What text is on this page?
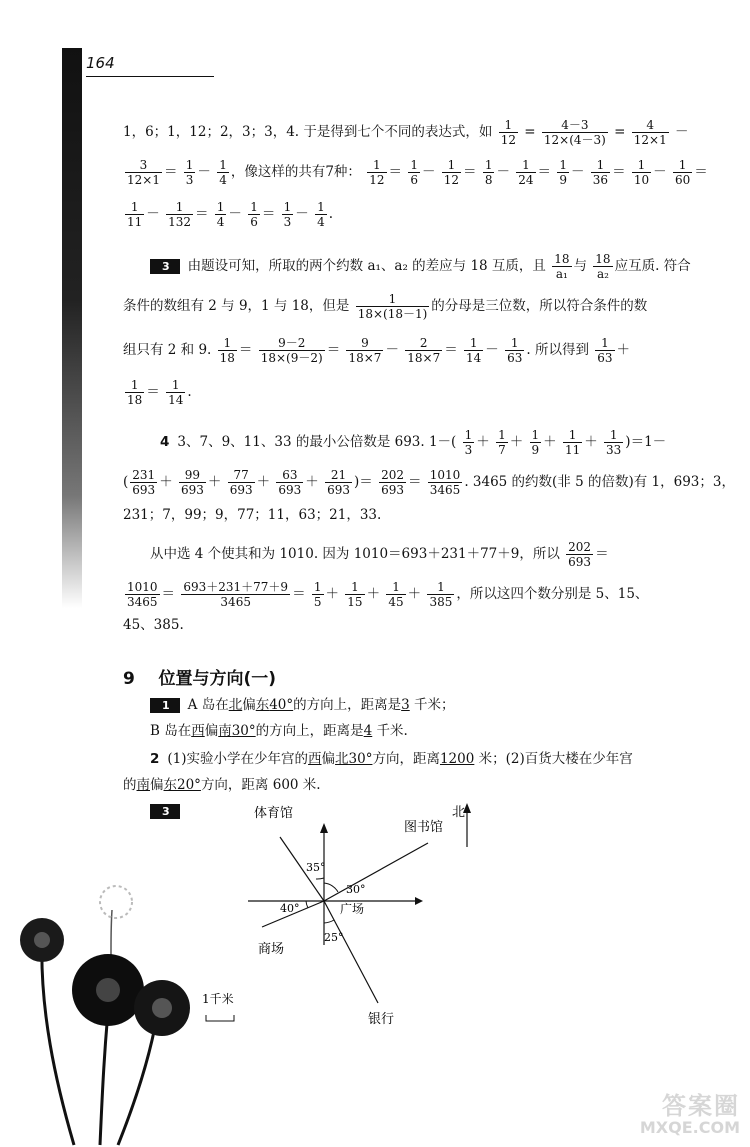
164
1，6；1，12；2，3；3，4. 于是得到七个不同的表达式，如 $\frac{1}{12} = \frac{4-3}{12\times(4-3)} = \frac{4}{12\times 1}$ －
$\frac{3}{12\times 1} = \frac{1}{3} - \frac{1}{4}$ ，像这样的共有7种： $\frac{1}{12} = \frac{1}{6} - \frac{1}{12} = \frac{1}{8} - \frac{1}{24} = \frac{1}{9} - \frac{1}{36} = \frac{1}{10} - \frac{1}{60}$ ＝
$\frac{1}{11} - \frac{1}{132} = \frac{1}{4} - \frac{1}{6} = \frac{1}{3} - \frac{1}{4}$ .
3 由题设可知，所取的两个约数 a₁、a₂ 的差应与 18 互质，且 $\frac{18}{\text{a₁}}$ 与 $\frac{18}{\text{a₂}}$ 应互质. 符合
条件的数组有 2 与 9，1 与 18，但是 $\frac{1}{18\times(18-1)}$ 的分母是三位数，所以符合条件的数
组只有 2 和 9. $\frac{1}{18} = \frac{9-2}{18\times(9-2)} = \frac{9}{18\times 7} - \frac{2}{18\times 7} = \frac{1}{14} - \frac{1}{63}$ . 所以得到 $\frac{1}{63}$ ＋
$\frac{1}{18} = \frac{1}{14}$ .
4 3、7、9、11、33 的最小公倍数是 693. $1-( \frac{1}{3} + \frac{1}{7} + \frac{1}{9} + \frac{1}{11} + \frac{1}{33} )=1-$
( $\frac{231}{693} + \frac{99}{693} + \frac{77}{693} + \frac{63}{693} + \frac{21}{693}$ )＝ $\frac{202}{693} = \frac{1010}{3465}$ . 3465 的约数(非 5 的倍数)有 1，693；3，
231；7，99；9，77；11，63；21，33.
从中选 4 个使其和为 1010. 因为 1010＝693＋231＋77＋9，所以 $\frac{202}{693}$ ＝
$\frac{1010}{3465} = \frac{693+231+77+9}{3465} = \frac{1}{5} + \frac{1}{15} + \frac{1}{45} + \frac{1}{385}$ ，所以这四个数分别是 5、15、
45、385.
9 位置与方向(一)
1 A 岛在北偏东40°的方向上，距离是3 千米；
B 岛在西偏南30°的方向上，距离是4 千米.
2 (1)实验小学在少年宫的西偏北30°方向，距离1200 米；(2)百货大楼在少年宫
的南偏东20°方向，距离 600 米.
3	体育馆
图书馆
北
广场
商场
银行
35°
30°
40°
25°
1千米
答案圈
MXQE.COM
